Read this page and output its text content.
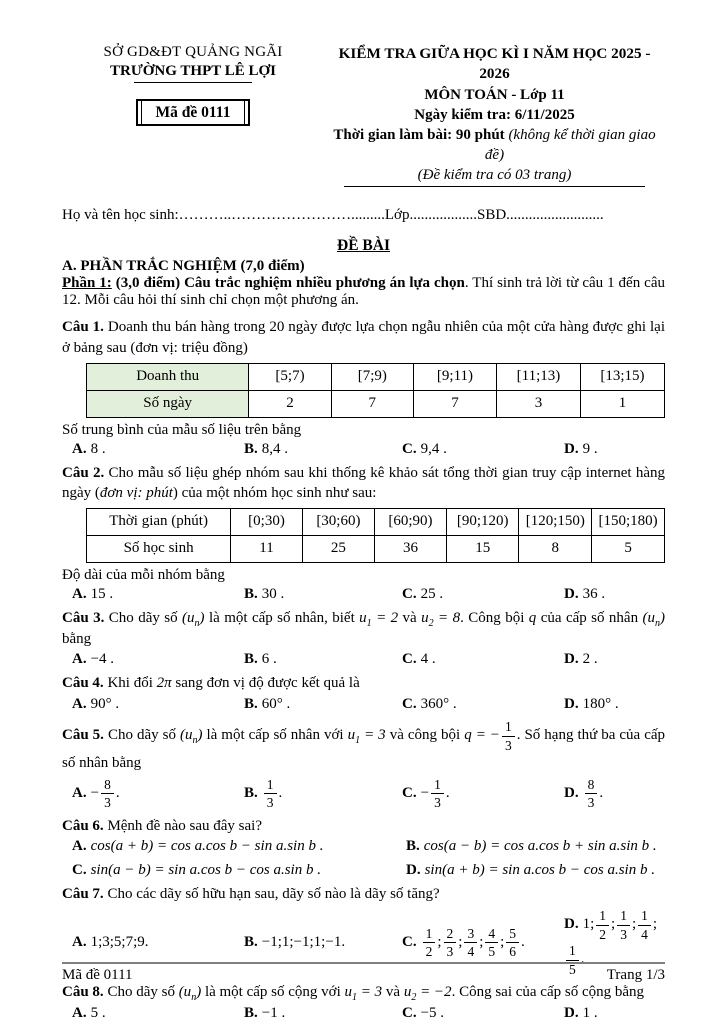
SỞ GD&ĐT QUẢNG NGÃI
TRƯỜNG THPT LÊ LỢI
Mã đề 0111
KIỂM TRA GIỮA HỌC KÌ I NĂM HỌC 2025 - 2026
MÔN TOÁN - Lớp 11
Ngày kiểm tra: 6/11/2025
Thời gian làm bài: 90 phút (không kể thời gian giao đề)
(Đề kiểm tra có 03 trang)
Họ và tên học sinh:………..…………………….........Lớp..................SBD..........................
ĐỀ BÀI
A. PHẦN TRẮC NGHIỆM (7,0 điểm)

Phần 1: (3,0 điểm) Câu trắc nghiệm nhiều phương án lựa chọn. Thí sinh trả lời từ câu 1 đến câu 12. Mỗi câu hỏi thí sinh chỉ chọn một phương án.

Câu 1. Doanh thu bán hàng trong 20 ngày được lựa chọn ngẫu nhiên của một cửa hàng được ghi lại ở bảng sau (đơn vị: triệu đồng)

Doanh thu	[5;7)	[7;9)	[9;11)	[11;13)	[13;15)
Số ngày	2	7	7	3	1

Số trung bình của mẫu số liệu trên bằng

A. 8 .	B. 8,4 .	C. 9,4 .	D. 9 .

Câu 2. Cho mẫu số liệu ghép nhóm sau khi thống kê khảo sát tổng thời gian truy cập internet hàng ngày (đơn vị: phút) của một nhóm học sinh như sau:

Thời gian (phút)	[0;30)	[30;60)	[60;90)	[90;120)	[120;150)	[150;180)
Số học sinh	11	25	36	15	8	5

Độ dài của mỗi nhóm bằng

A. 15 .	B. 30 .	C. 25 .	D. 36 .

Câu 3. Cho dãy số $(u_n)$ là một cấp số nhân, biết $u_1 = 2$ và $u_2 = 8$. Công bội q của cấp số nhân $(u_n)$ bằng

A. −4 .	B. 6 .	C. 4 .	D. 2 .

Câu 4. Khi đổi 2π sang đơn vị độ được kết quả là

A. 90° .	B. 60° .	C. 360° .	D. 180° .

Câu 5. Cho dãy số $(u_n)$ là một cấp số nhân với $u_1 = 3$ và công bội q = − $\frac{1}{3}$ . Số hạng thứ ba của cấp số nhân bằng

A. − $\frac{8}{3}$ .	B. $\frac{1}{3}$ .	C. − $\frac{1}{3}$ .	D. $\frac{8}{3}$ .

Câu 6. Mệnh đề nào sau đây sai?

A. cos(a + b) = cos a.cos b − sin a.sin b .	B. cos(a − b) = cos a.cos b + sin a.sin b .
C. sin(a − b) = sin a.cos b − cos a.sin b .	D. sin(a + b) = sin a.cos b − cos a.sin b .

Câu 7. Cho các dãy số hữu hạn sau, dãy số nào là dãy số tăng?

A. 1;3;5;7;9.	B. −1;1;−1;1;−1.	C. $\frac{1}{2}$ ; $\frac{2}{3}$ ; $\frac{3}{4}$ ; $\frac{4}{5}$ ; $\frac{5}{6}$ .
D. 1; $\frac{1}{2}$ ; $\frac{1}{3}$ ; $\frac{1}{4}$ ;
$\frac{1}{5}$ .

Câu 8. Cho dãy số $(u_n)$ là một cấp số cộng với $u_1 = 3$ và $u_2 = -2$. Công sai của cấp số cộng bằng

A. 5 .	B. −1 .	C. −5 .	D. 1 .
Mã đề 0111	Trang 1/3
